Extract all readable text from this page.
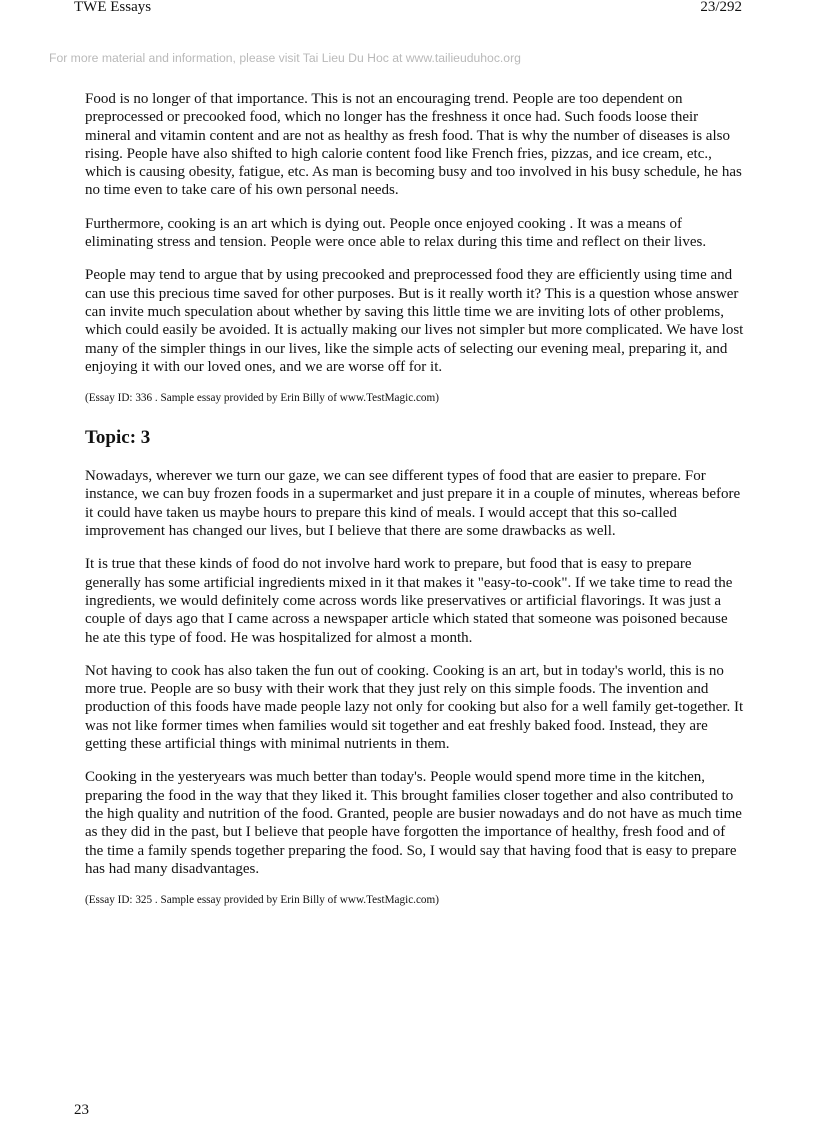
TWE Essays	23/292
For more material and information, please visit Tai Lieu Du Hoc at www.tailieuduhoc.org

Food is no longer of that importance. This is not an encouraging trend. People are too dependent on preprocessed or precooked food, which no longer has the freshness it once had. Such foods loose their mineral and vitamin content and are not as healthy as fresh food. That is why the number of diseases is also rising. People have also shifted to high calorie content food like French fries, pizzas, and ice cream, etc., which is causing obesity, fatigue, etc. As man is becoming busy and too involved in his busy schedule, he has no time even to take care of his own personal needs.

Furthermore, cooking is an art which is dying out. People once enjoyed cooking . It was a means of eliminating stress and tension. People were once able to relax during this time and reflect on their lives.

People may tend to argue that by using precooked and preprocessed food they are efficiently using time and can use this precious time saved for other purposes. But is it really worth it? This is a question whose answer can invite much speculation about whether by saving this little time we are inviting lots of other problems, which could easily be avoided. It is actually making our lives not simpler but more complicated. We have lost many of the simpler things in our lives, like the simple acts of selecting our evening meal, preparing it, and enjoying it with our loved ones, and we are worse off for it.

(Essay ID: 336 . Sample essay provided by Erin Billy of www.TestMagic.com)

Topic: 3

Nowadays, wherever we turn our gaze, we can see different types of food that are easier to prepare. For instance, we can buy frozen foods in a supermarket and just prepare it in a couple of minutes, whereas before it could have taken us maybe hours to prepare this kind of meals. I would accept that this so-called improvement has changed our lives, but I believe that there are some drawbacks as well.

It is true that these kinds of food do not involve hard work to prepare, but food that is easy to prepare generally has some artificial ingredients mixed in it that makes it "easy-to-cook". If we take time to read the ingredients, we would definitely come across words like preservatives or artificial flavorings. It was just a couple of days ago that I came across a newspaper article which stated that someone was poisoned because he ate this type of food. He was hospitalized for almost a month.

Not having to cook has also taken the fun out of cooking. Cooking is an art, but in today's world, this is no more true. People are so busy with their work that they just rely on this simple foods. The invention and production of this foods have made people lazy not only for cooking but also for a well family get-together. It was not like former times when families would sit together and eat freshly baked food. Instead, they are getting these artificial things with minimal nutrients in them.

Cooking in the yesteryears was much better than today's. People would spend more time in the kitchen, preparing the food in the way that they liked it. This brought families closer together and also contributed to the high quality and nutrition of the food. Granted, people are busier nowadays and do not have as much time as they did in the past, but I believe that people have forgotten the importance of healthy, fresh food and of the time a family spends together preparing the food. So, I would say that having food that is easy to prepare has had many disadvantages.

(Essay ID: 325 . Sample essay provided by Erin Billy of www.TestMagic.com)

23
